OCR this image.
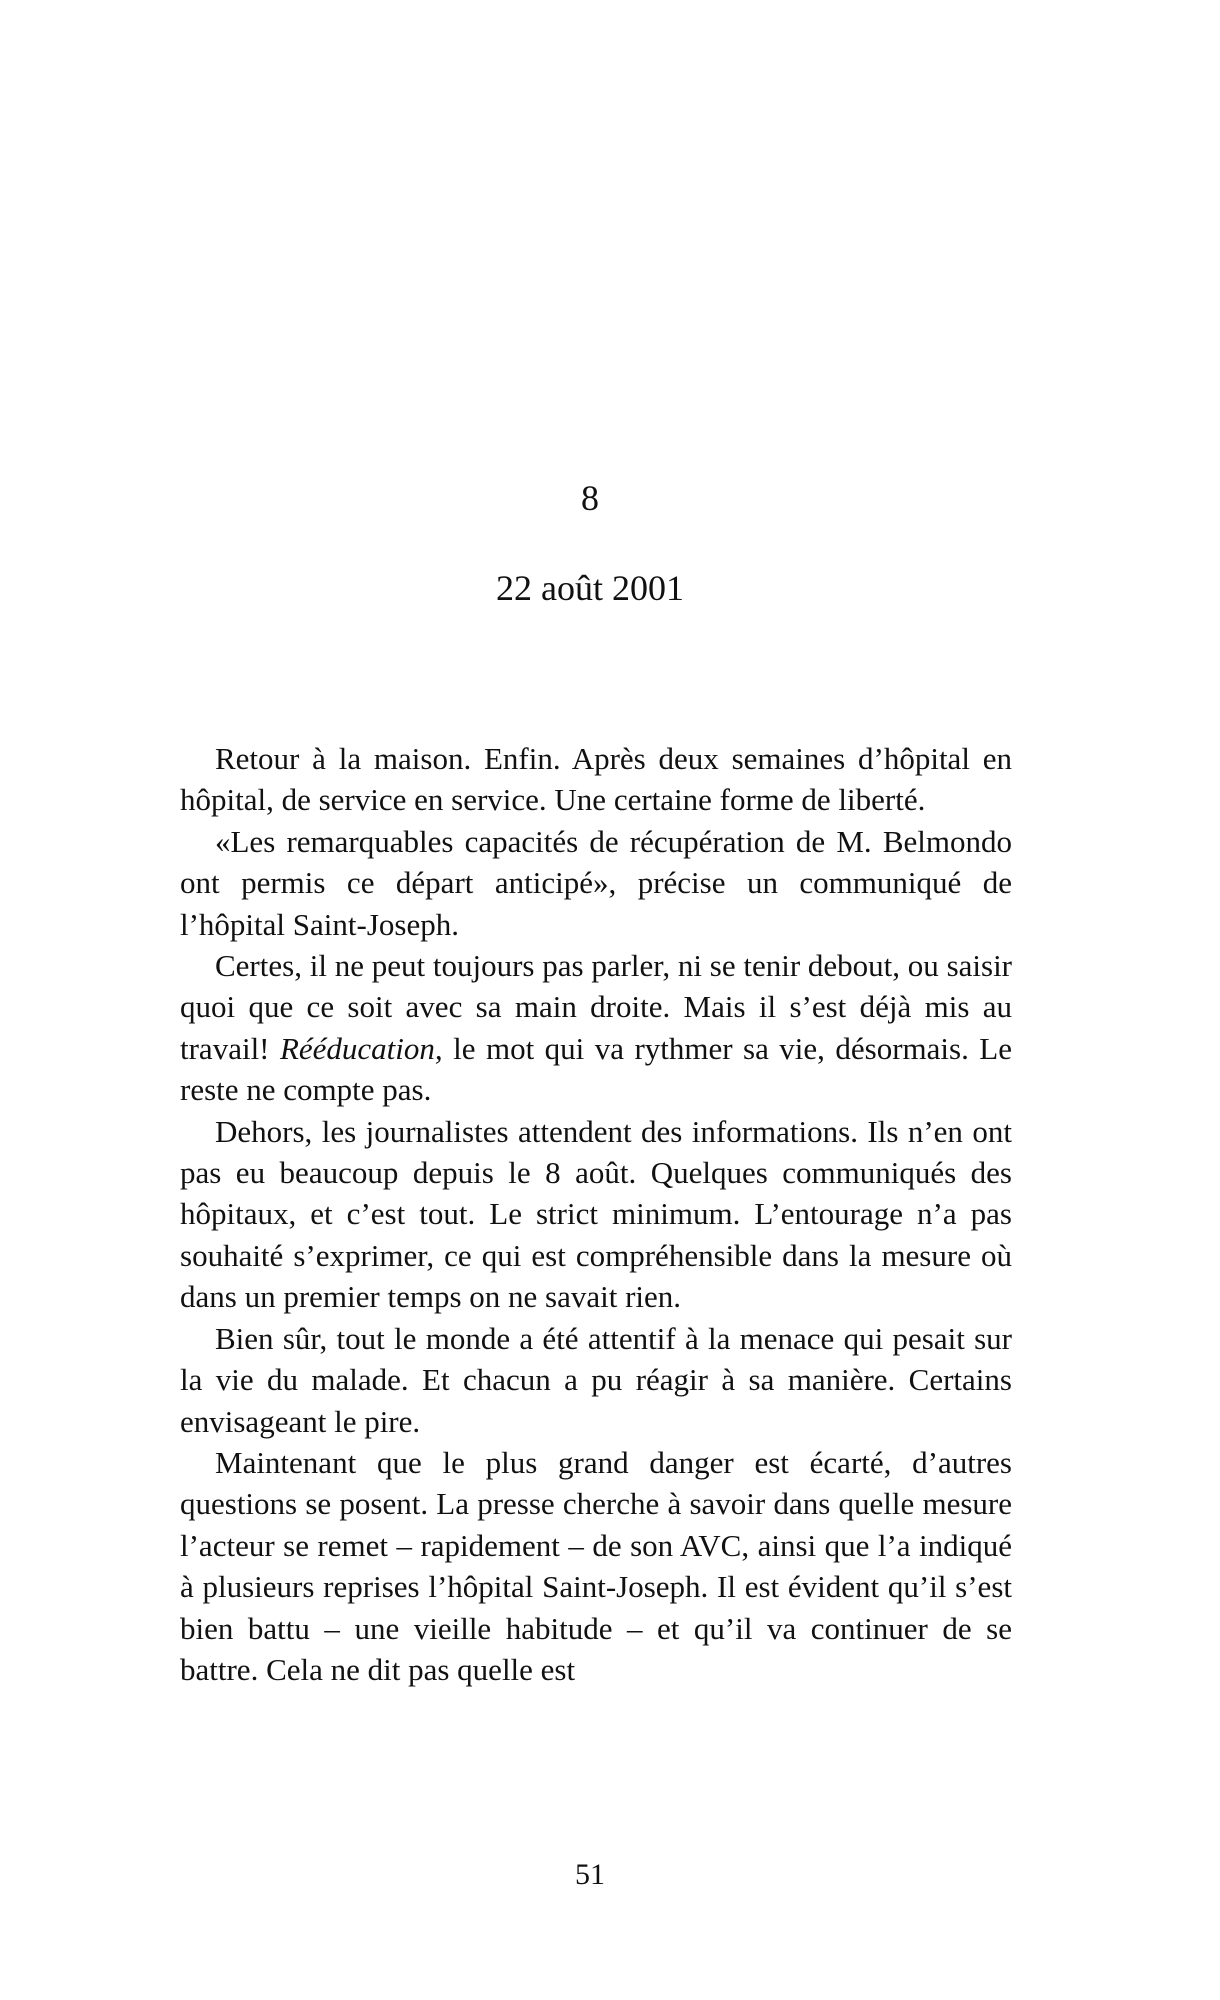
8
22 août 2001

Retour à la maison. Enfin. Après deux semaines d’hôpital en hôpital, de service en service. Une certaine forme de liberté.

«Les remarquables capacités de récupération de M. Belmondo ont permis ce départ anticipé», précise un communiqué de l’hôpital Saint-Joseph.

Certes, il ne peut toujours pas parler, ni se tenir debout, ou saisir quoi que ce soit avec sa main droite. Mais il s’est déjà mis au travail! Rééducation, le mot qui va rythmer sa vie, désormais. Le reste ne compte pas.

Dehors, les journalistes attendent des informations. Ils n’en ont pas eu beaucoup depuis le 8 août. Quelques communiqués des hôpitaux, et c’est tout. Le strict minimum. L’entourage n’a pas souhaité s’exprimer, ce qui est compréhensible dans la mesure où dans un premier temps on ne savait rien.

Bien sûr, tout le monde a été attentif à la menace qui pesait sur la vie du malade. Et chacun a pu réagir à sa manière. Certains envisageant le pire.

Maintenant que le plus grand danger est écarté, d’autres questions se posent. La presse cherche à savoir dans quelle mesure l’acteur se remet – rapidement – de son AVC, ainsi que l’a indiqué à plusieurs reprises l’hôpital Saint-Joseph. Il est évident qu’il s’est bien battu – une vieille habitude – et qu’il va continuer de se battre. Cela ne dit pas quelle est

51
